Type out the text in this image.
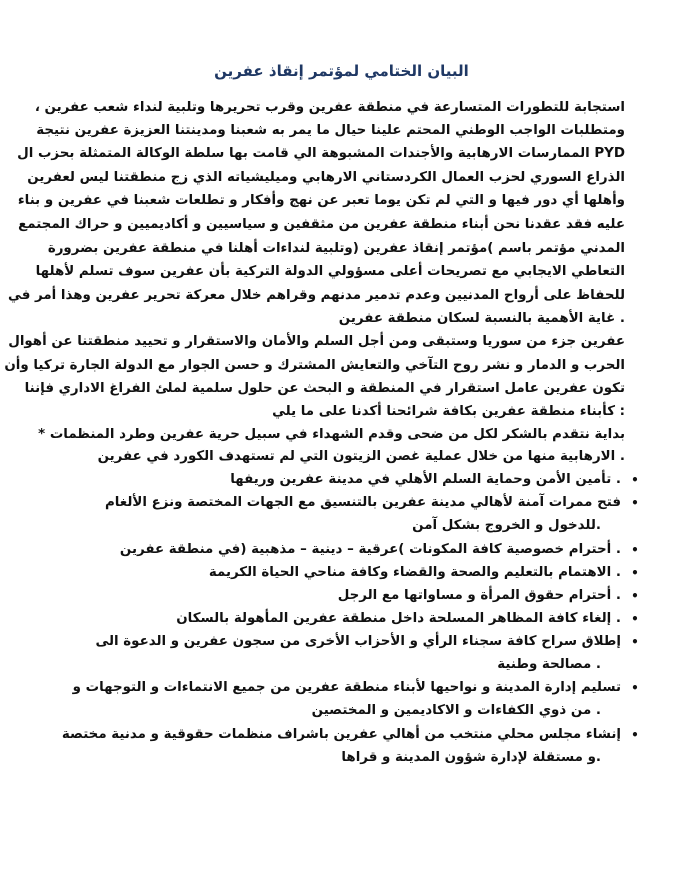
البيان الختامي لمؤتمر إنقاذ عفرين
استجابة للتطورات المتسارعة في منطقة عفرين وقرب تحريرها وتلبية لنداء شعب عفرين ،
ومتطلبات الواجب الوطني المحتم علينا حيال ما يمر به شعبنا ومدينتنا العزيزة عفرين نتيجة
PYD الممارسات الارهابية والأجندات المشبوهة الي قامت بها سلطة الوكالة المتمثلة بحزب ال
الذراع السوري لحزب العمال الكردستاني الارهابي وميليشياته الذي زج منطقتنا ليس لعفرين
وأهلها أي دور فيها و التي لم تكن يوما تعبر عن نهج وأفكار و تطلعات شعبنا في عفرين و بناء
عليه فقد عقدنا نحن أبناء منطقة عفرين من مثقفين و سياسيين و أكاديميين و حراك المجتمع
المدني مؤتمر باسم )مؤتمر إنقاذ عفرين (وتلبية لنداءات أهلنا في منطقة عفرين بضرورة
التعاطي الايجابي مع تصريحات أعلى مسؤولي الدولة التركية بأن عفرين سوف تسلم لأهلها
للحفاظ على أرواح المدنيين وعدم تدمير مدنهم وقراهم خلال معركة تحرير عفرين وهذا أمر في
. غاية الأهمية بالنسبة لسكان منطقة عفرين
عفرين جزء من سوريا وستبقى ومن أجل السلم والأمان والاستقرار و تحييد منطقتنا عن أهوال
الحرب و الدمار و نشر روح التآخي والتعايش المشترك و حسن الجوار مع الدولة الجارة تركيا وأن
تكون عفرين عامل استقرار في المنطقة و البحث عن حلول سلمية لملئ الفراغ الاداري فإننا
: كأبناء منطقة عفرين بكافة شرائحنا أكدنا على ما يلي
بداية نتقدم بالشكر لكل من ضحى وقدم الشهداء في سبيل حرية عفرين وطرد المنظمات *
. الارهابية منها من خلال عملية غصن الزيتون التي لم تستهدف الكورد في عفرين
•
. تأمين الأمن وحماية السلم الأهلي في مدينة عفرين وريفها
•
فتح ممرات آمنة لأهالي مدينة عفرين بالتنسيق مع الجهات المختصة ونزع الألغام
.للدخول و الخروج بشكل آمن
•
. أحترام خصوصية كافة المكونات )عرقية – دينية – مذهبية (في منطقة عفرين
•
. الاهتمام بالتعليم والصحة والقضاء وكافة مناحي الحياة الكريمة
•
. أحترام حقوق المرأة و مساواتها مع الرجل
•
. إلغاء كافة المظاهر المسلحة داخل منطقة عفرين المأهولة بالسكان
•
إطلاق سراح كافة سجناء الرأي و الأحزاب الأخرى من سجون عفرين و الدعوة الى
. مصالحة وطنية
•
تسليم إدارة المدينة و نواحيها لأبناء منطقة عفرين من جميع الانتماءات و التوجهات و
. من ذوي الكفاءات و الاكاديمين و المختصين
•
إنشاء مجلس محلي منتخب من أهالي عفرين باشراف منظمات حقوقية و مدنية مختصة
.و مستقلة لإدارة شؤون المدينة و قراها
